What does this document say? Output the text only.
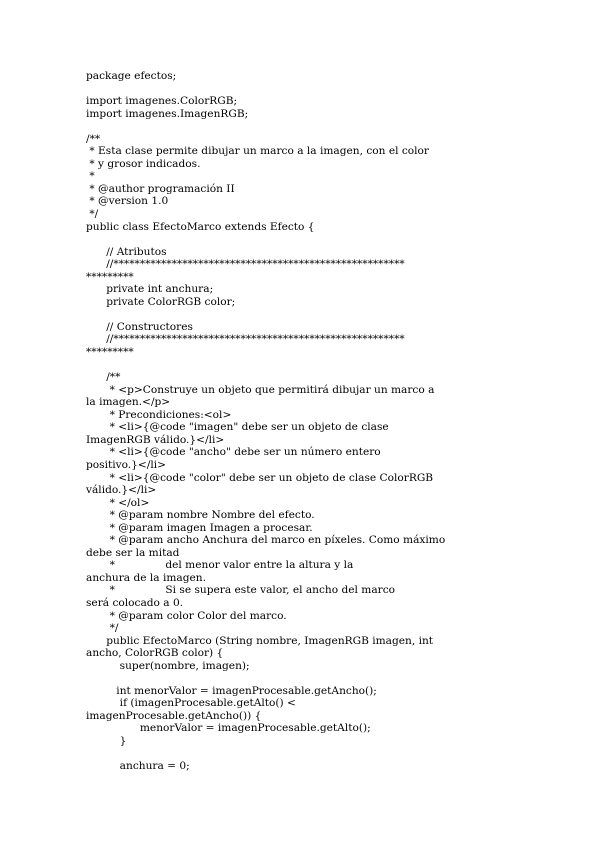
package efectos;
import imagenes.ColorRGB;
import imagenes.ImagenRGB;
/**
* Esta clase permite dibujar un marco a la imagen, con el color
* y grosor indicados.
*
* @author programación II
* @version 1.0
*/
public class EfectoMarco extends Efecto {
// Atributos
//*******************************************************
*********
private int anchura;
private ColorRGB color;
// Constructores
//*******************************************************
*********
/**
* <p>Construye un objeto que permitirá dibujar un marco a
la imagen.</p>
* Precondiciones:<ol>
* <li>{@code "imagen" debe ser un objeto de clase
ImagenRGB válido.}</li>
* <li>{@code "ancho" debe ser un número entero
positivo.}</li>
* <li>{@code "color" debe ser un objeto de clase ColorRGB
válido.}</li>
* </ol>
* @param nombre Nombre del efecto.
* @param imagen Imagen a procesar.
* @param ancho Anchura del marco en píxeles. Como máximo
debe ser la mitad
*               del menor valor entre la altura y la
anchura de la imagen.
*               Si se supera este valor, el ancho del marco
será colocado a 0.
* @param color Color del marco.
*/
public EfectoMarco (String nombre, ImagenRGB imagen, int
ancho, ColorRGB color) {
super(nombre, imagen);
int menorValor = imagenProcesable.getAncho();
if (imagenProcesable.getAlto() <
imagenProcesable.getAncho()) {
menorValor = imagenProcesable.getAlto();
}
anchura = 0;
